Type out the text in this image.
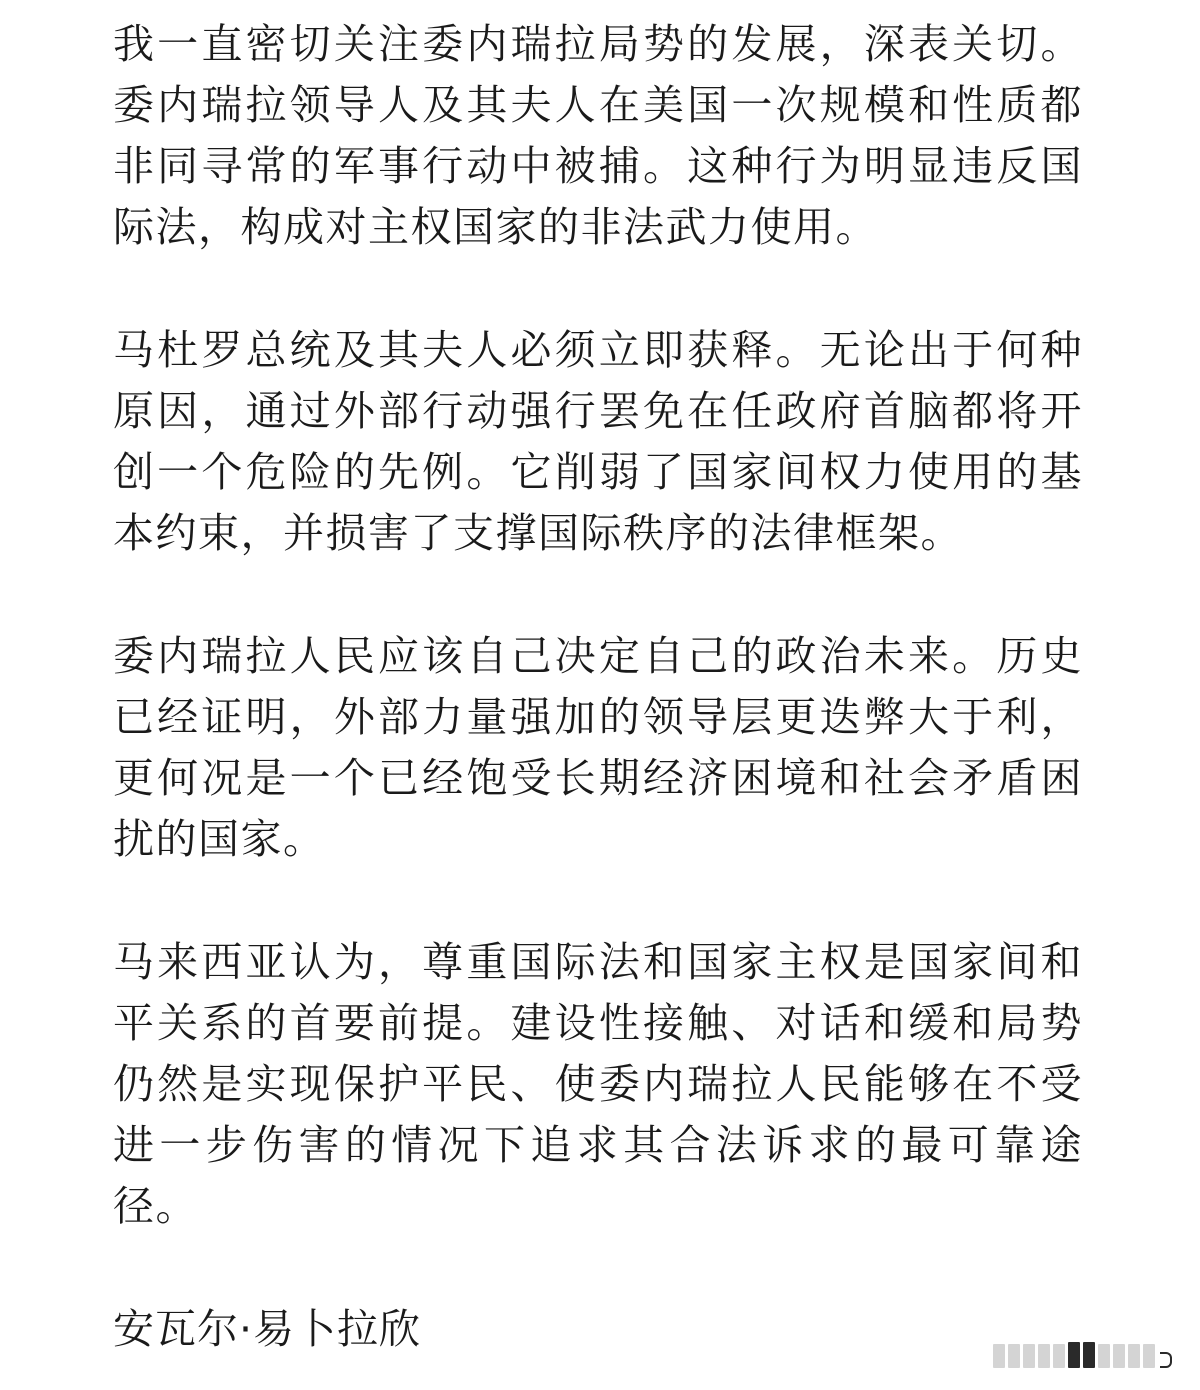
我一直密切关注委内瑞拉局势的发展，深表关切。委内瑞拉领导人及其夫人在美国一次规模和性质都非同寻常的军事行动中被捕。这种行为明显违反国际法，构成对主权国家的非法武力使用。

马杜罗总统及其夫人必须立即获释。无论出于何种原因，通过外部行动强行罢免在任政府首脑都将开创一个危险的先例。它削弱了国家间权力使用的基本约束，并损害了支撑国际秩序的法律框架。

委内瑞拉人民应该自己决定自己的政治未来。历史已经证明，外部力量强加的领导层更迭弊大于利，更何况是一个已经饱受长期经济困境和社会矛盾困扰的国家。

马来西亚认为，尊重国际法和国家主权是国家间和平关系的首要前提。建设性接触、对话和缓和局势仍然是实现保护平民、使委内瑞拉人民能够在不受进一步伤害的情况下追求其合法诉求的最可靠途径。

安瓦尔·易卜拉欣
